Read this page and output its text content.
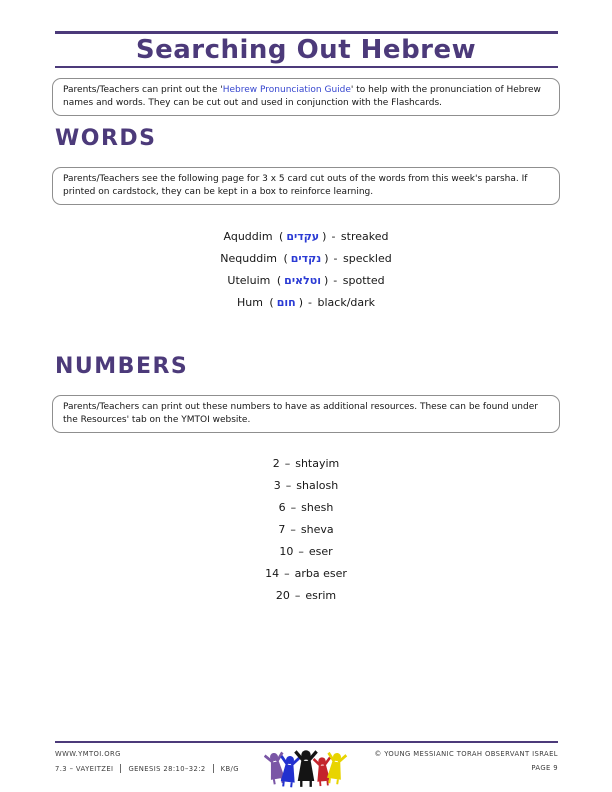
Searching Out Hebrew
Parents/Teachers can print out the 'Hebrew Pronunciation Guide' to help with the pronunciation of Hebrew names and words. They can be cut out and used in conjunction with the Flashcards.
WORDS
Parents/Teachers see the following page for 3 x 5 card cut outs of the words from this week's parsha. If printed on cardstock, they can be kept in a box to reinforce learning.
Aquddim ( עקדים ) - streaked
Nequddim ( נקדים ) - speckled
Uteluim ( וטלאים ) - spotted
Hum ( חום ) - black/dark
NUMBERS
Parents/Teachers can print out these numbers to have as additional resources. These can be found under the Resources' tab on the YMTOI website.
2 – shtayim
3 – shalosh
6 – shesh
7 – sheva
10 – eser
14 – arba eser
20 – esrim
WWW.YMTOI.ORG
7.3 – VAYEITZEI GENESIS 28:10–32:2 KB/G
© YOUNG MESSIANIC TORAH OBSERVANT ISRAEL
PAGE 9
